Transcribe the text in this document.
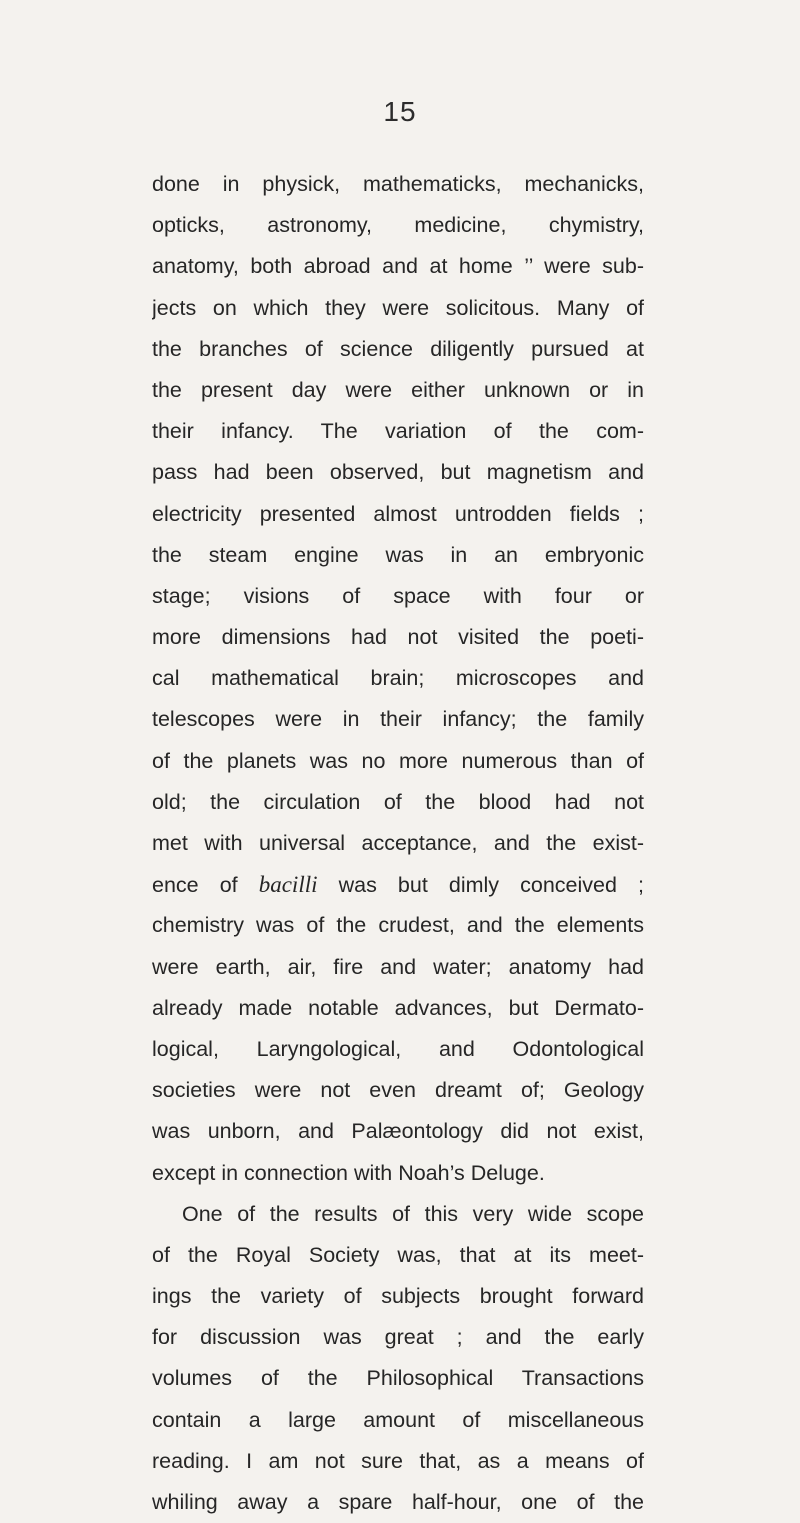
15
done in physick, mathematicks, mechanicks,
opticks, astronomy, medicine, chymistry,
anatomy, both abroad and at home ’’ were sub-
jects on which they were solicitous. Many of
the branches of science diligently pursued at
the present day were either unknown or in
their infancy. The variation of the com-
pass had been observed, but magnetism and
electricity presented almost untrodden fields ;
the steam engine was in an embryonic
stage; visions of space with four or
more dimensions had not visited the poeti-
cal mathematical brain; microscopes and
telescopes were in their infancy; the family
of the planets was no more numerous than of
old; the circulation of the blood had not
met with universal acceptance, and the exist-
ence of bacilli was but dimly conceived ;
chemistry was of the crudest, and the elements
were earth, air, fire and water; anatomy had
already made notable advances, but Dermato-
logical, Laryngological, and Odontological
societies were not even dreamt of; Geology
was unborn, and Palæontology did not exist,
except in connection with Noah’s Deluge.
One of the results of this very wide scope
of the Royal Society was, that at its meet-
ings the variety of subjects brought forward
for discussion was great ; and the early
volumes of the Philosophical Transactions
contain a large amount of miscellaneous
reading. I am not sure that, as a means of
whiling away a spare half-hour, one of the
